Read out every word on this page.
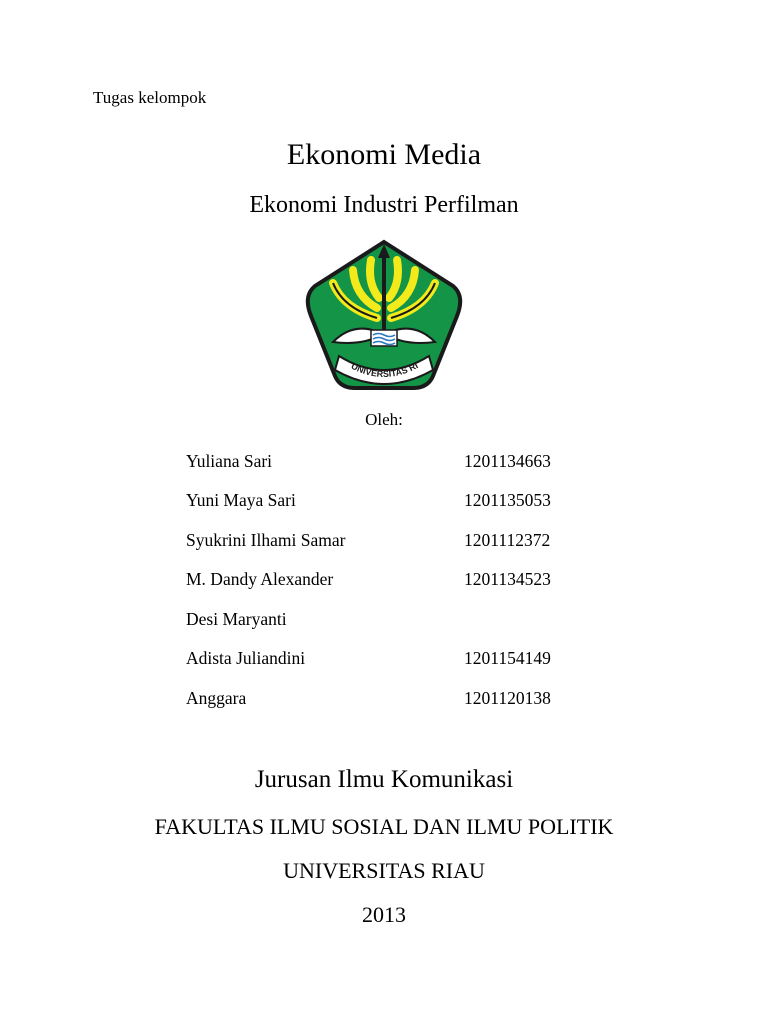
Tugas kelompok
Ekonomi Media
Ekonomi Industri Perfilman
UNIVERSITAS RI
Oleh:
Yuliana Sari	1201134663
Yuni Maya Sari	1201135053
Syukrini Ilhami Samar	1201112372
M. Dandy Alexander	1201134523
Desi Maryanti
Adista Juliandini	1201154149
Anggara	1201120138
Jurusan Ilmu Komunikasi
FAKULTAS ILMU SOSIAL DAN ILMU POLITIK
UNIVERSITAS RIAU
2013
